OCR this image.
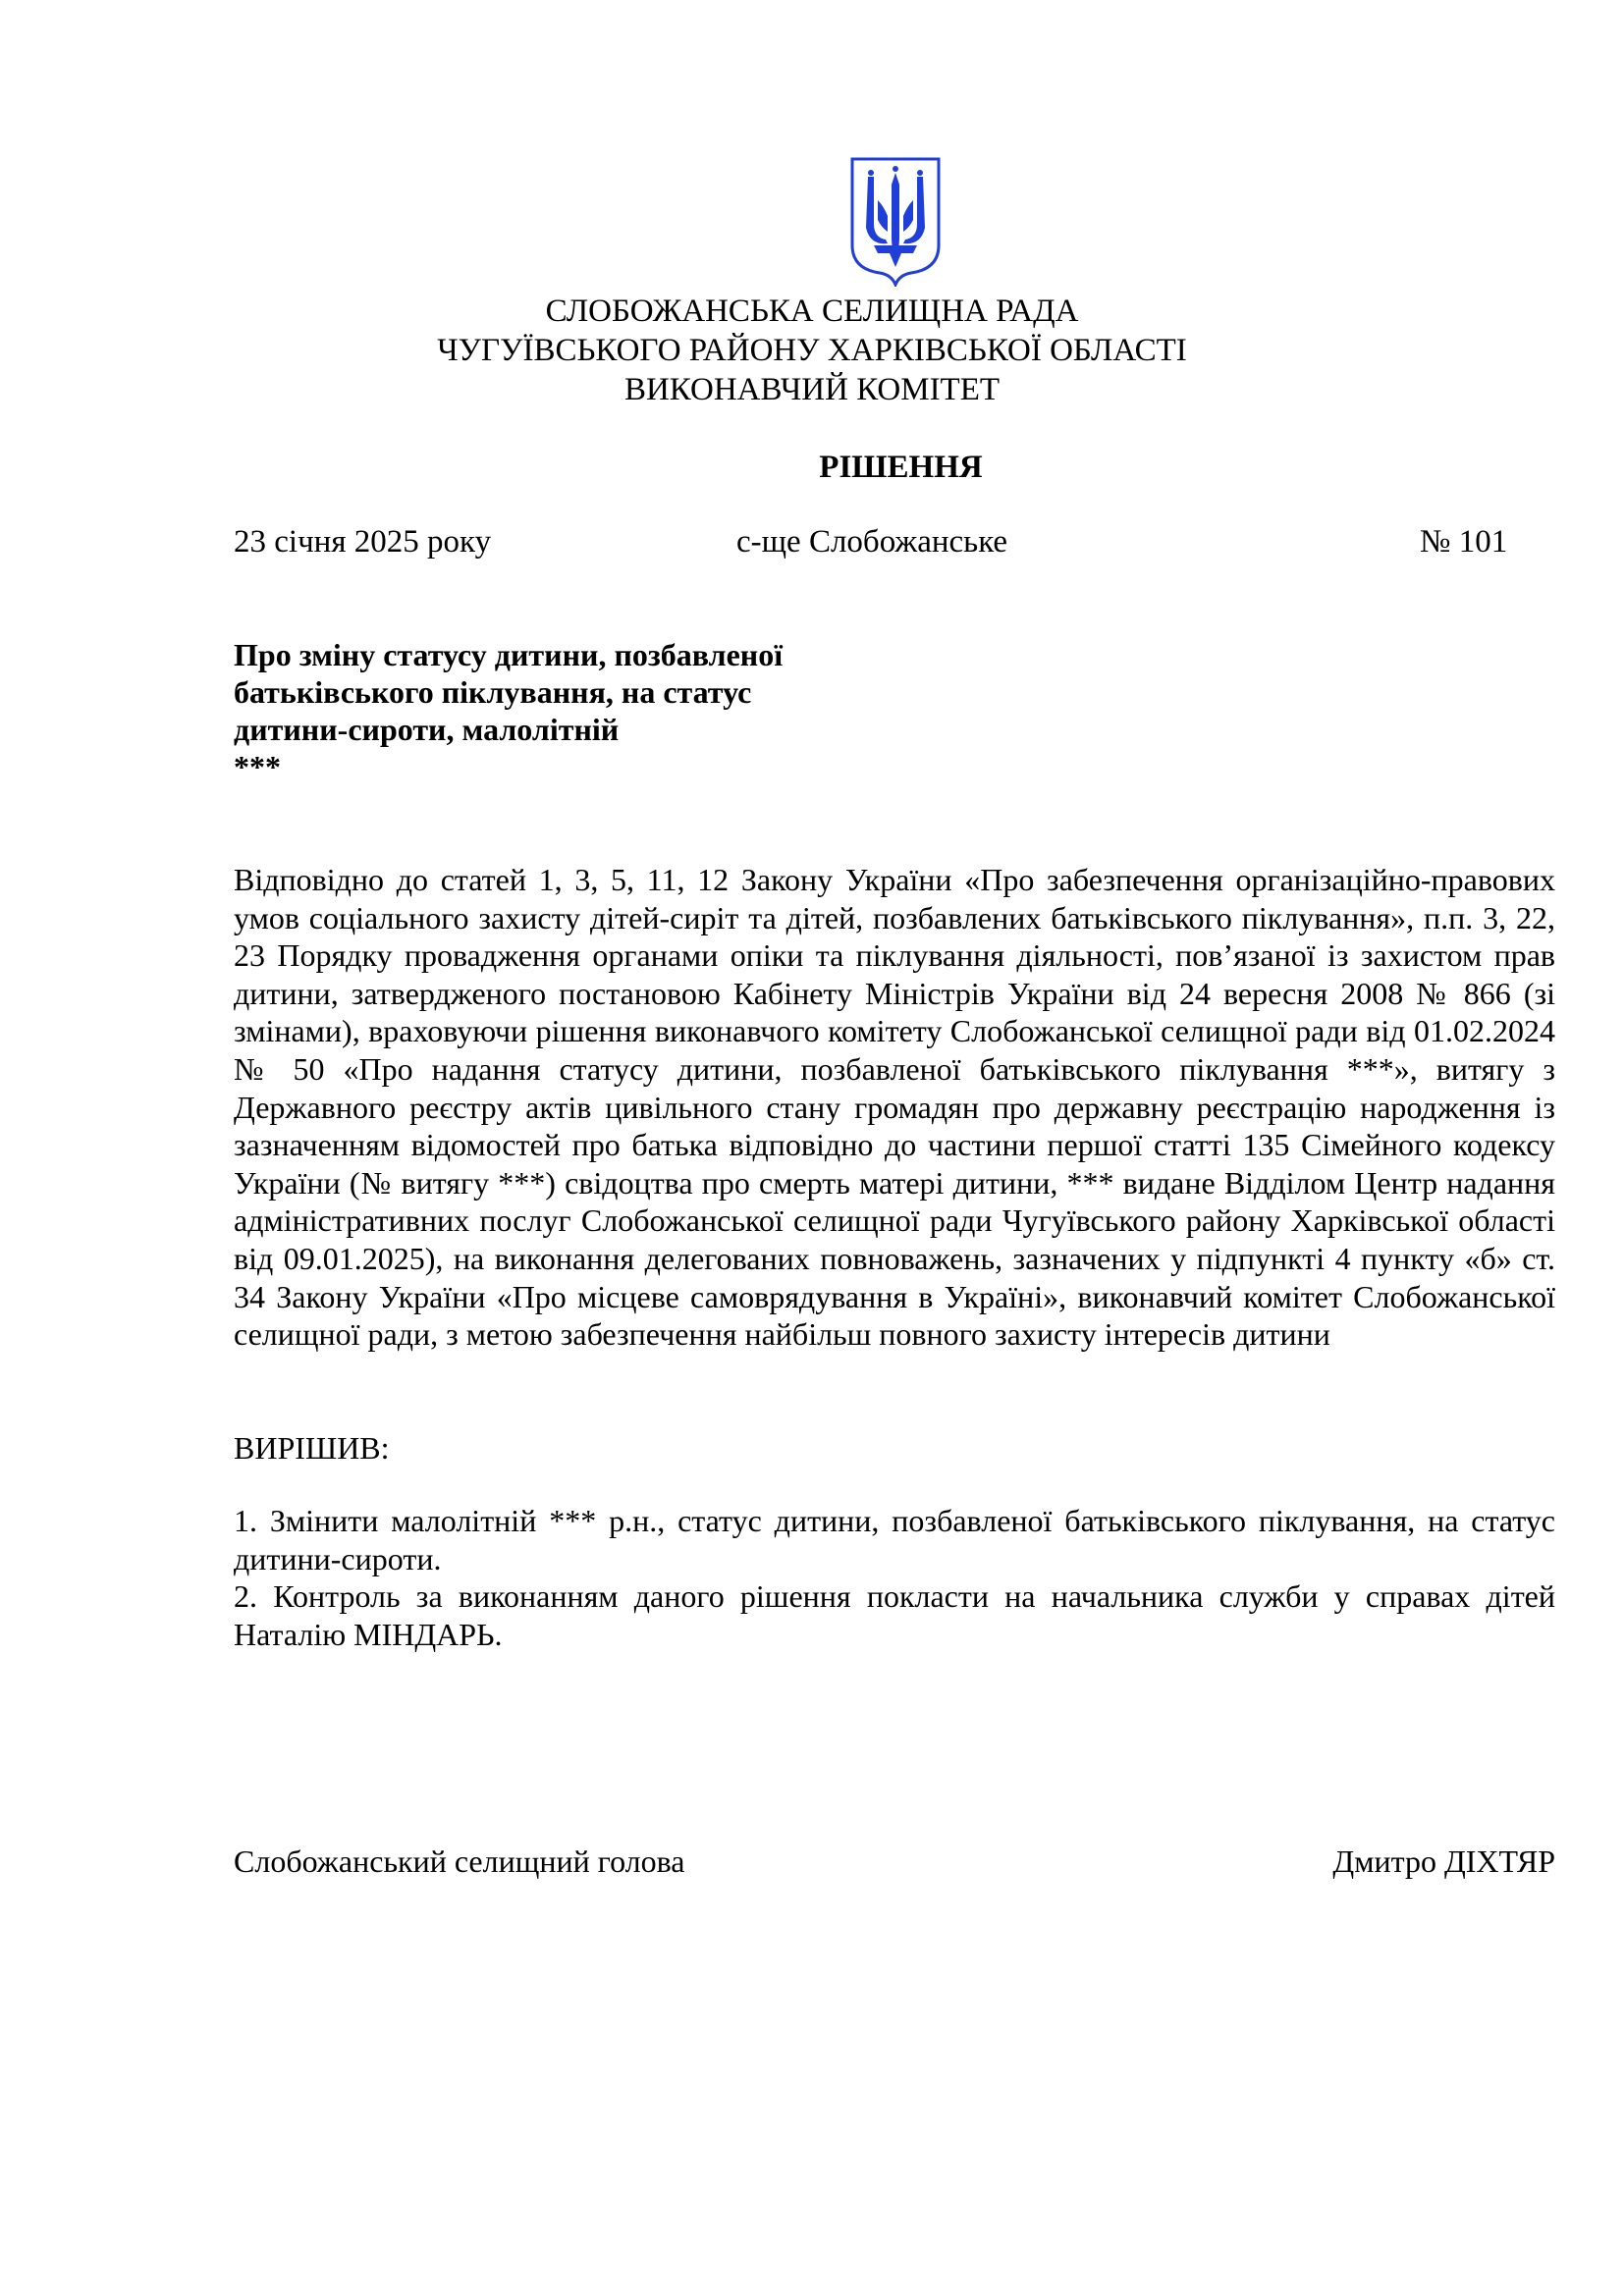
СЛОБОЖАНСЬКА СЕЛИЩНА РАДА
ЧУГУЇВСЬКОГО РАЙОНУ ХАРКІВСЬКОЇ ОБЛАСТІ
ВИКОНАВЧИЙ КОМІТЕТ
РІШЕННЯ
23 січня 2025 року	с-ще Слобожанське	№ 101
Про зміну статусу дитини, позбавленої
батьківського піклування, на статус
дитини-сироти, малолітній
***
Відповідно до статей 1, 3, 5, 11, 12 Закону України «Про забезпечення організаційно-правових умов соціального захисту дітей-сиріт та дітей, позбавлених батьківського піклування», п.п. 3, 22, 23 Порядку провадження органами опіки та піклування діяльності, пов’язаної із захистом прав дитини, затвердженого постановою Кабінету Міністрів України від 24 вересня 2008 № 866 (зі змінами), враховуючи рішення виконавчого комітету Слобожанської селищної ради від 01.02.2024 № 50 «Про надання статусу дитини, позбавленої батьківського піклування ***», витягу з Державного реєстру актів цивільного стану громадян про державну реєстрацію народження із зазначенням відомостей про батька відповідно до частини першої статті 135 Сімейного кодексу України (№ витягу ***) свідоцтва про смерть матері дитини, *** видане Відділом Центр надання адміністративних послуг Слобожанської селищної ради Чугуївського району Харківської області від 09.01.2025), на виконання делегованих повноважень, зазначених у підпункті 4 пункту «б» ст. 34 Закону України «Про місцеве самоврядування в Україні», виконавчий комітет Слобожанської селищної ради, з метою забезпечення найбільш повного захисту інтересів дитини
ВИРІШИВ:
1. Змінити малолітній *** р.н., статус дитини, позбавленої батьківського піклування, на статус дитини-сироти.
2. Контроль за виконанням даного рішення покласти на начальника служби у справах дітей Наталію МІНДАРЬ.
Слобожанський селищний голова	Дмитро ДІХТЯР
